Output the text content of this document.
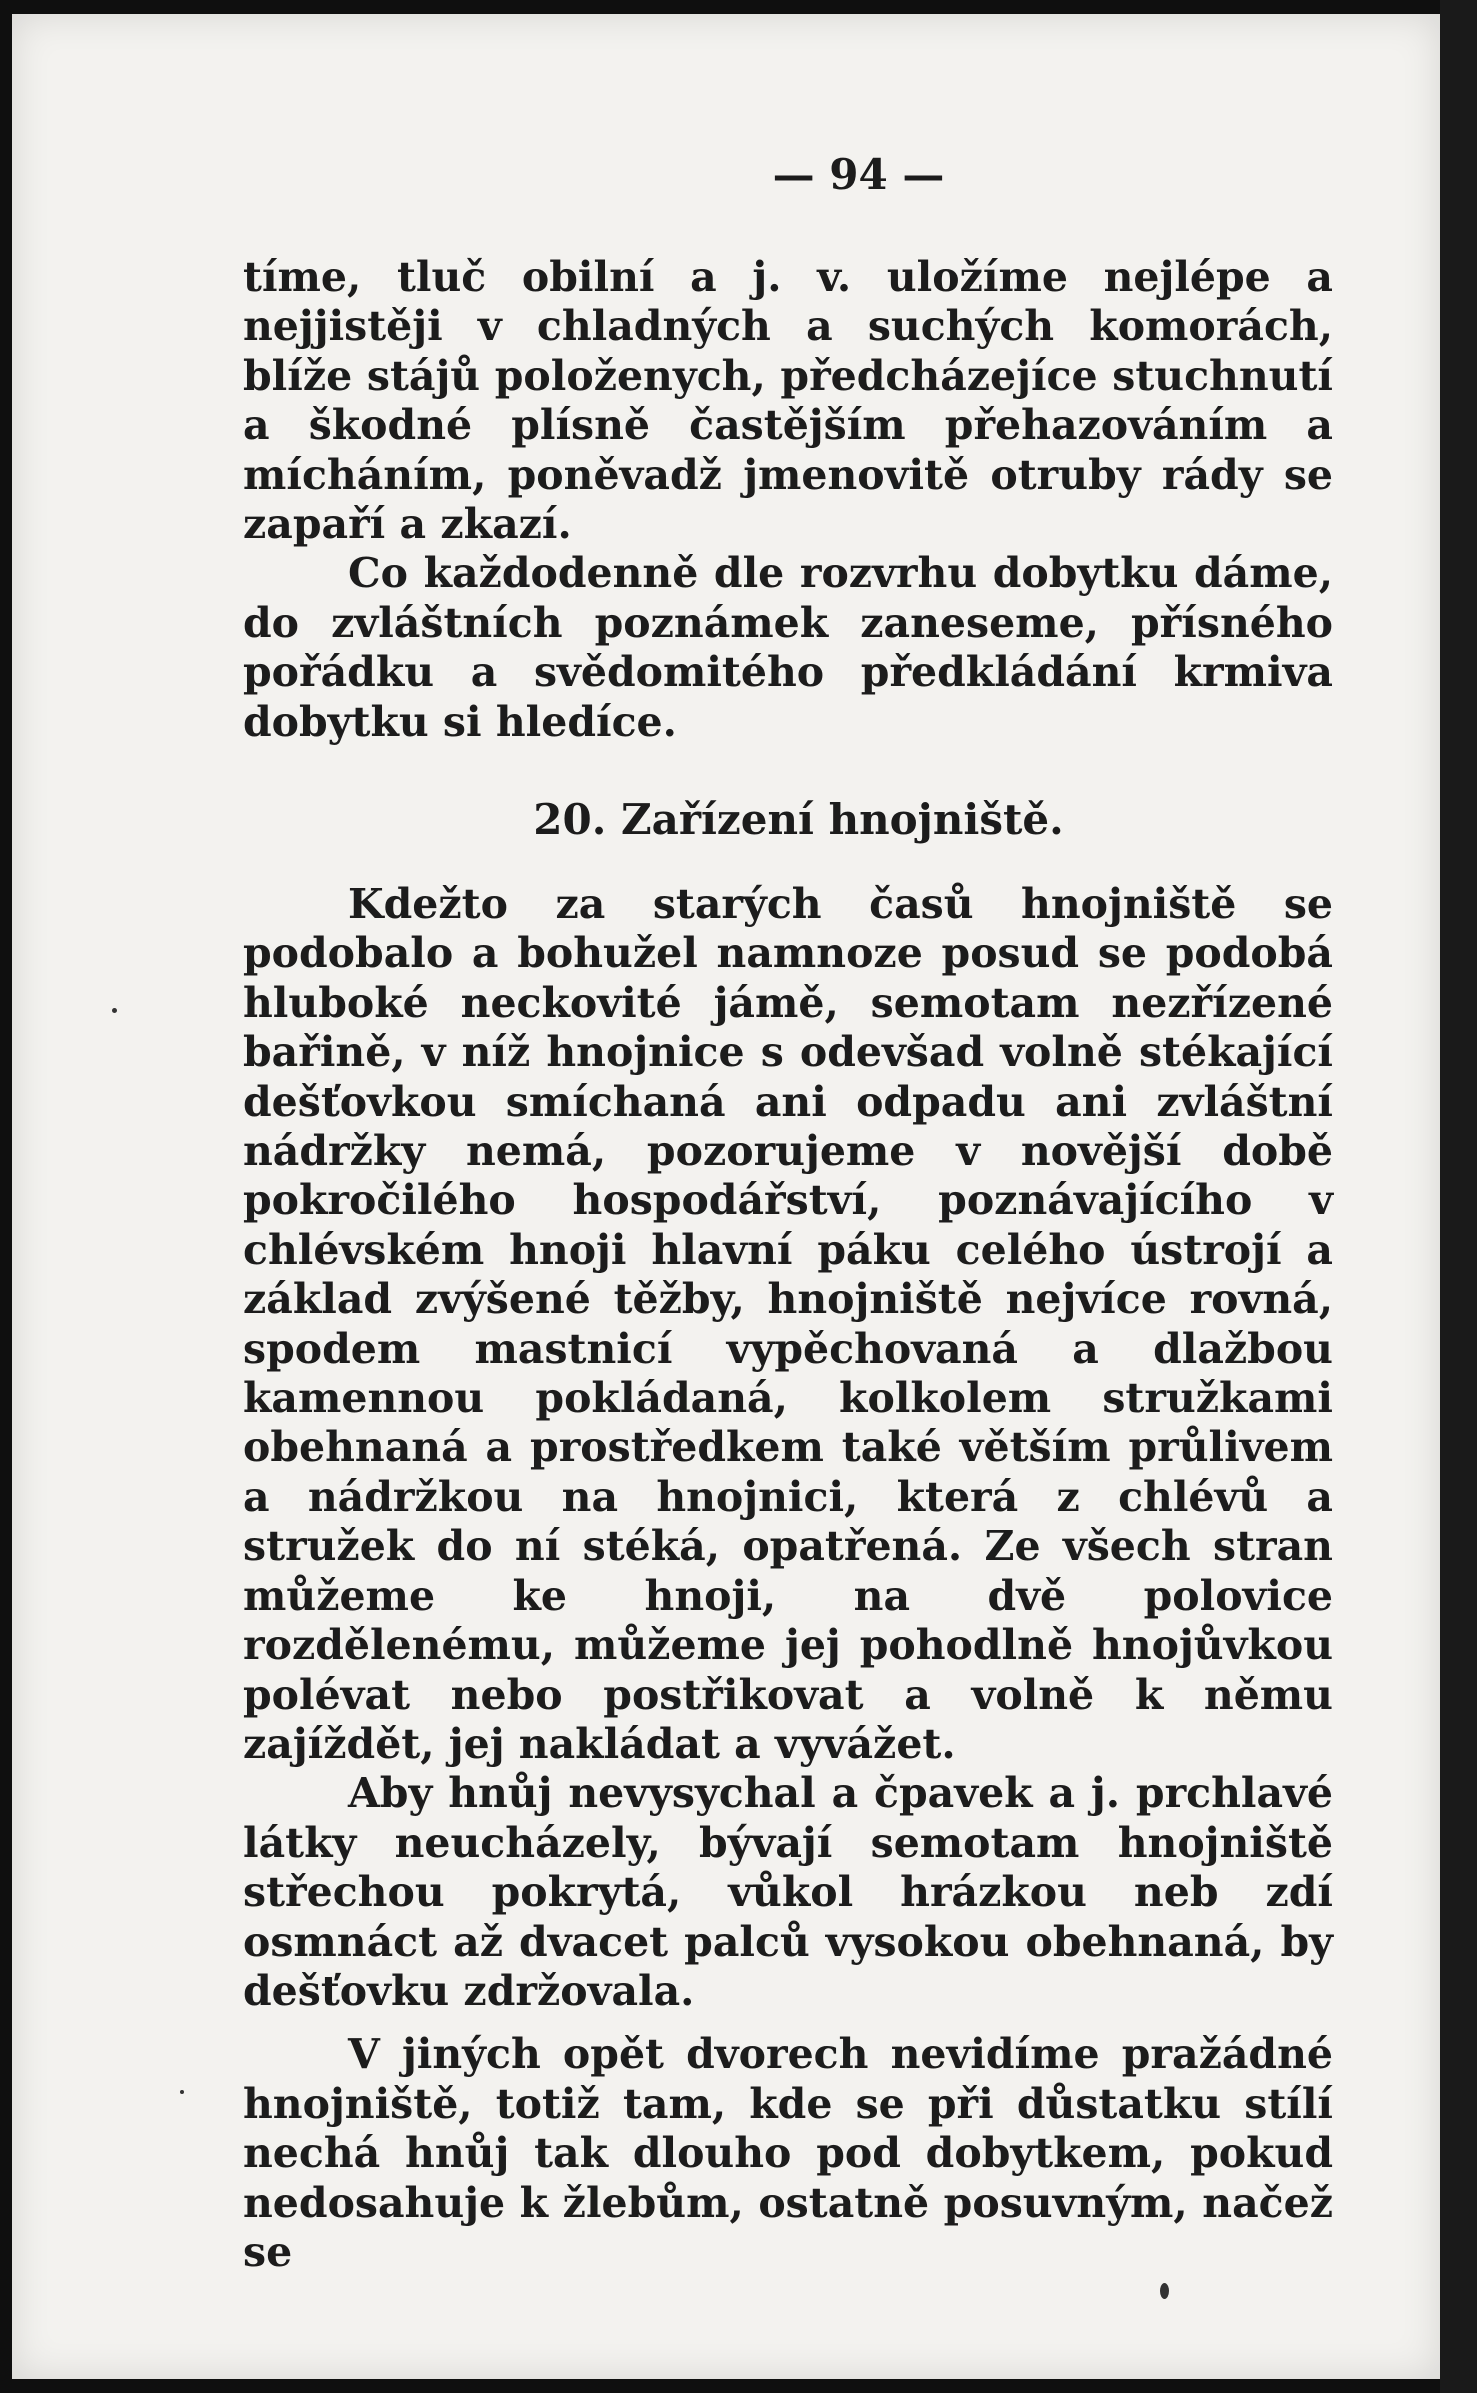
— 94 —

tíme, tluč obilní a j. v. uložíme nejlépe a nejjistěji v chladných a suchých komorách, blíže stájů položenych, předcházejíce stuchnutí a škodné plísně častějším přehazováním a mícháním, poněvadž jmenovitě otruby rády se zapaří a zkazí.

Co každodenně dle rozvrhu dobytku dáme, do zvláštních poznámek zaneseme, přísného pořádku a svědomitého předkládání krmiva dobytku si hledíce.

20. Zařízení hnojniště.

Kdežto za starých časů hnojniště se podobalo a bohužel namnoze posud se podobá hluboké neckovité jámě, semotam nezřízené bařině, v níž hnojnice s odevšad volně stékající dešťovkou smíchaná ani odpadu ani zvláštní nádržky nemá, pozorujeme v novější době pokročilého hospodářství, poznávajícího v chlévském hnoji hlavní páku celého ústrojí a základ zvýšené těžby, hnojniště nejvíce rovná, spodem mastnicí vypěchovaná a dlažbou kamennou pokládaná, kolkolem stružkami obehnaná a prostředkem také větším průlivem a nádržkou na hnojnici, která z chlévů a stružek do ní stéká, opatřená. Ze všech stran můžeme ke hnoji, na dvě polovice rozdělenému, můžeme jej pohodlně hnojůvkou polévat nebo postřikovat a volně k němu zajíždět, jej nakládat a vyvážet.

Aby hnůj nevysychal a čpavek a j. prchlavé látky neucházely, bývají semotam hnojniště střechou pokrytá, vůkol hrázkou neb zdí osmnáct až dvacet palců vysokou obehnaná, by dešťovku zdržovala.

V jiných opět dvorech nevidíme pražádné hnojniště, totiž tam, kde se při důstatku stílí nechá hnůj tak dlouho pod dobytkem, pokud nedosahuje k žlebům, ostatně posuvným, načež se
